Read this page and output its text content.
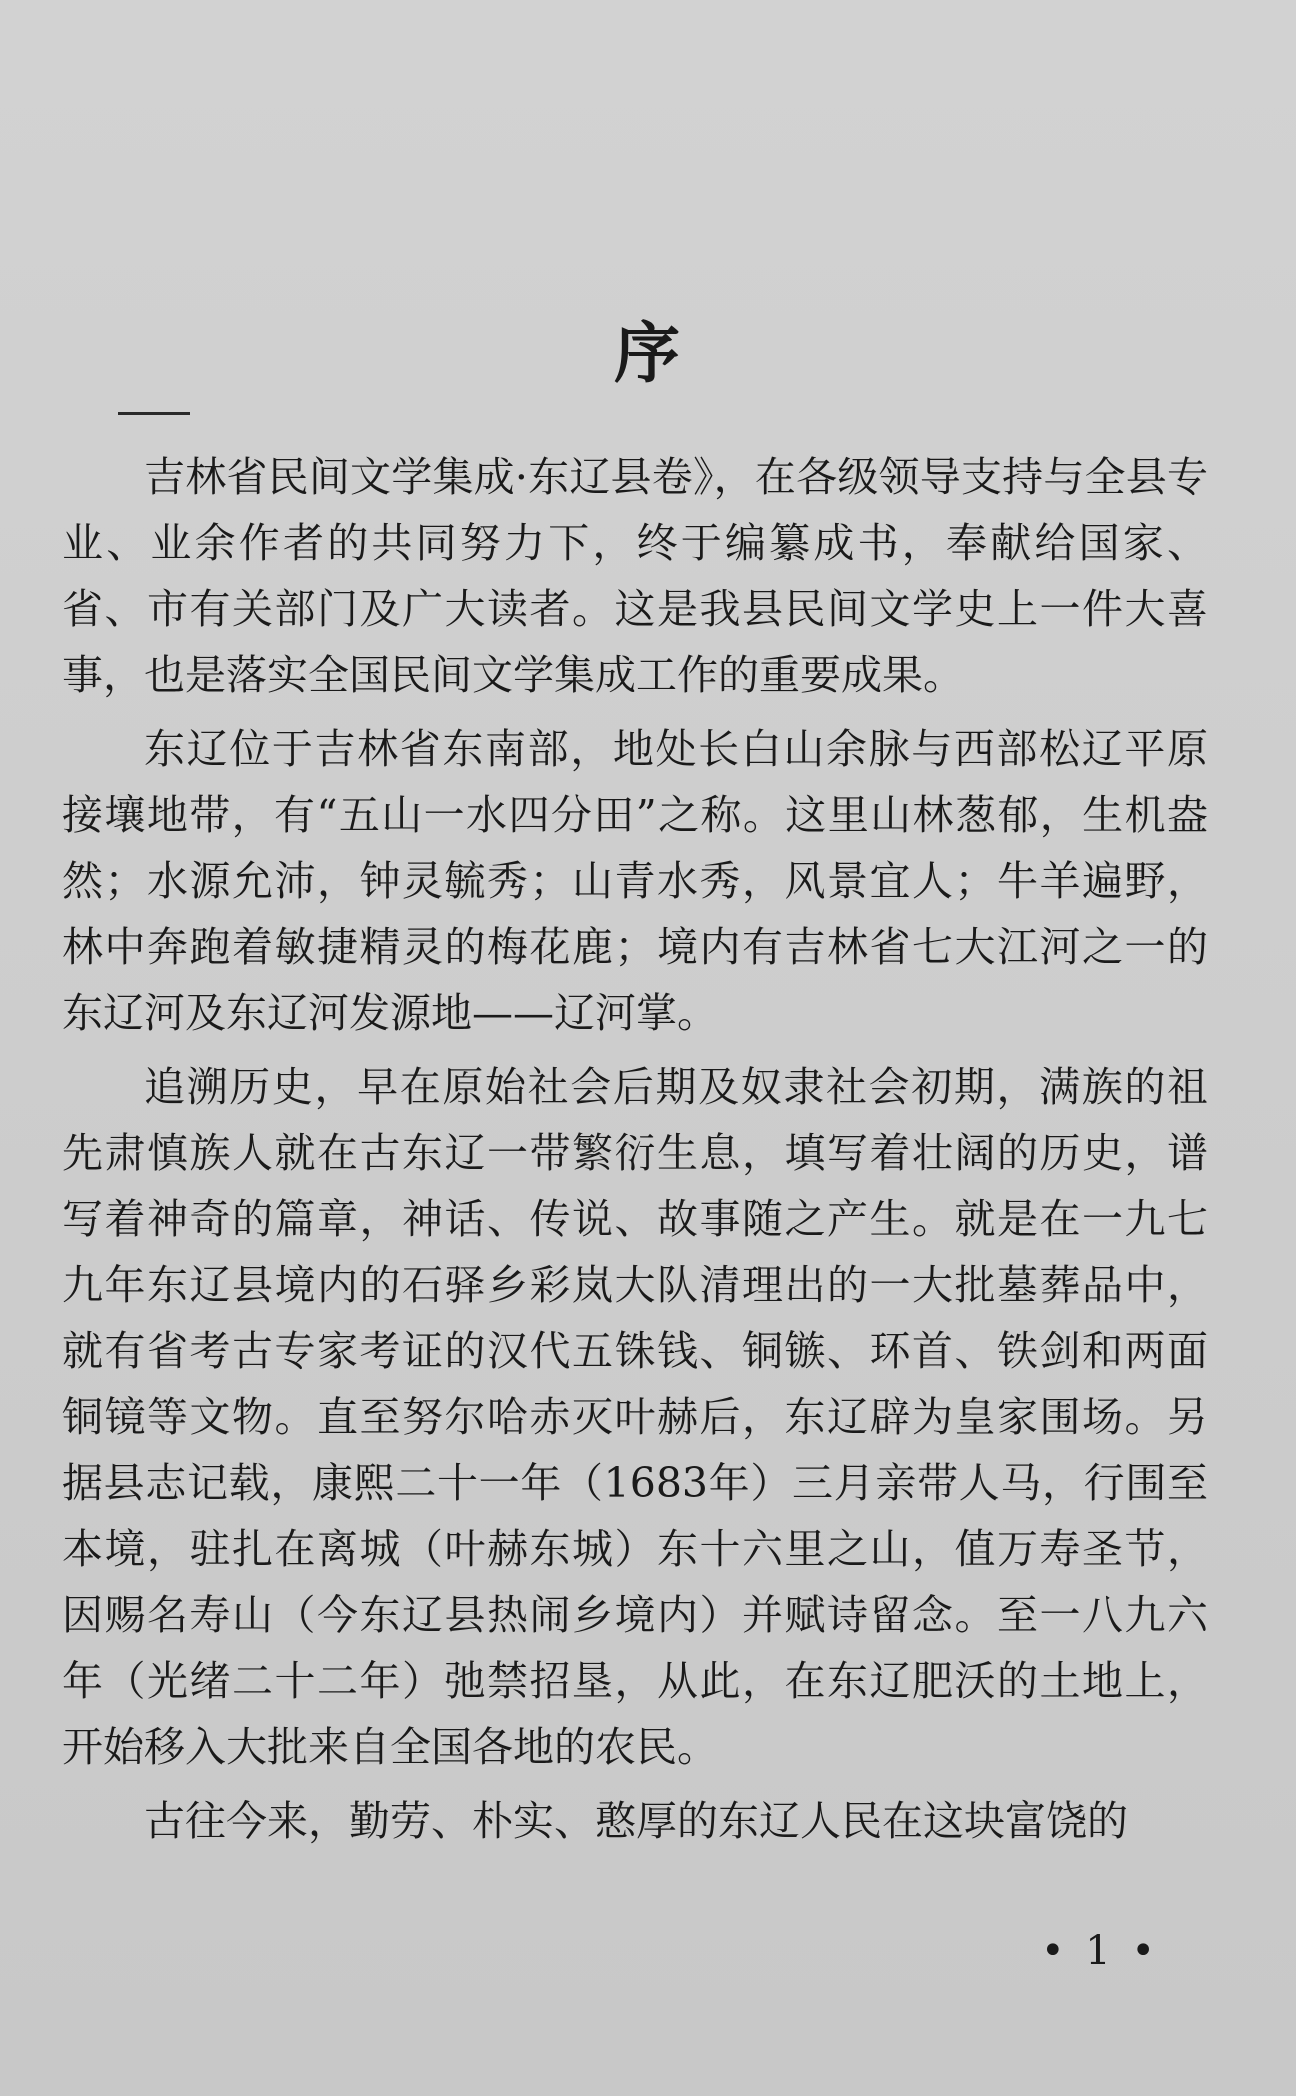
序

吉林省民间文学集成·东辽县卷》，在各级领导支持与全县专业、业余作者的共同努力下，终于编纂成书，奉献给国家、省、市有关部门及广大读者。这是我县民间文学史上一件大喜事，也是落实全国民间文学集成工作的重要成果。

东辽位于吉林省东南部，地处长白山余脉与西部松辽平原接壤地带，有“五山一水四分田”之称。这里山林葱郁，生机盎然；水源允沛，钟灵毓秀；山青水秀，风景宜人；牛羊遍野，林中奔跑着敏捷精灵的梅花鹿；境内有吉林省七大江河之一的东辽河及东辽河发源地——辽河掌。

追溯历史，早在原始社会后期及奴隶社会初期，满族的祖先肃慎族人就在古东辽一带繁衍生息，填写着壮阔的历史，谱写着神奇的篇章，神话、传说、故事随之产生。就是在一九七九年东辽县境内的石驿乡彩岚大队清理出的一大批墓葬品中，就有省考古专家考证的汉代五铢钱、铜镞、环首、铁剑和两面铜镜等文物。直至努尔哈赤灭叶赫后，东辽辟为皇家围场。另据县志记载，康熙二十一年（1683年）三月亲带人马，行围至本境，驻扎在离城（叶赫东城）东十六里之山，值万寿圣节，因赐名寿山（今东辽县热闹乡境内）并赋诗留念。至一八九六年（光绪二十二年）弛禁招垦，从此，在东辽肥沃的土地上，开始移入大批来自全国各地的农民。

古往今来，勤劳、朴实、憨厚的东辽人民在这块富饶的

• 1 •
